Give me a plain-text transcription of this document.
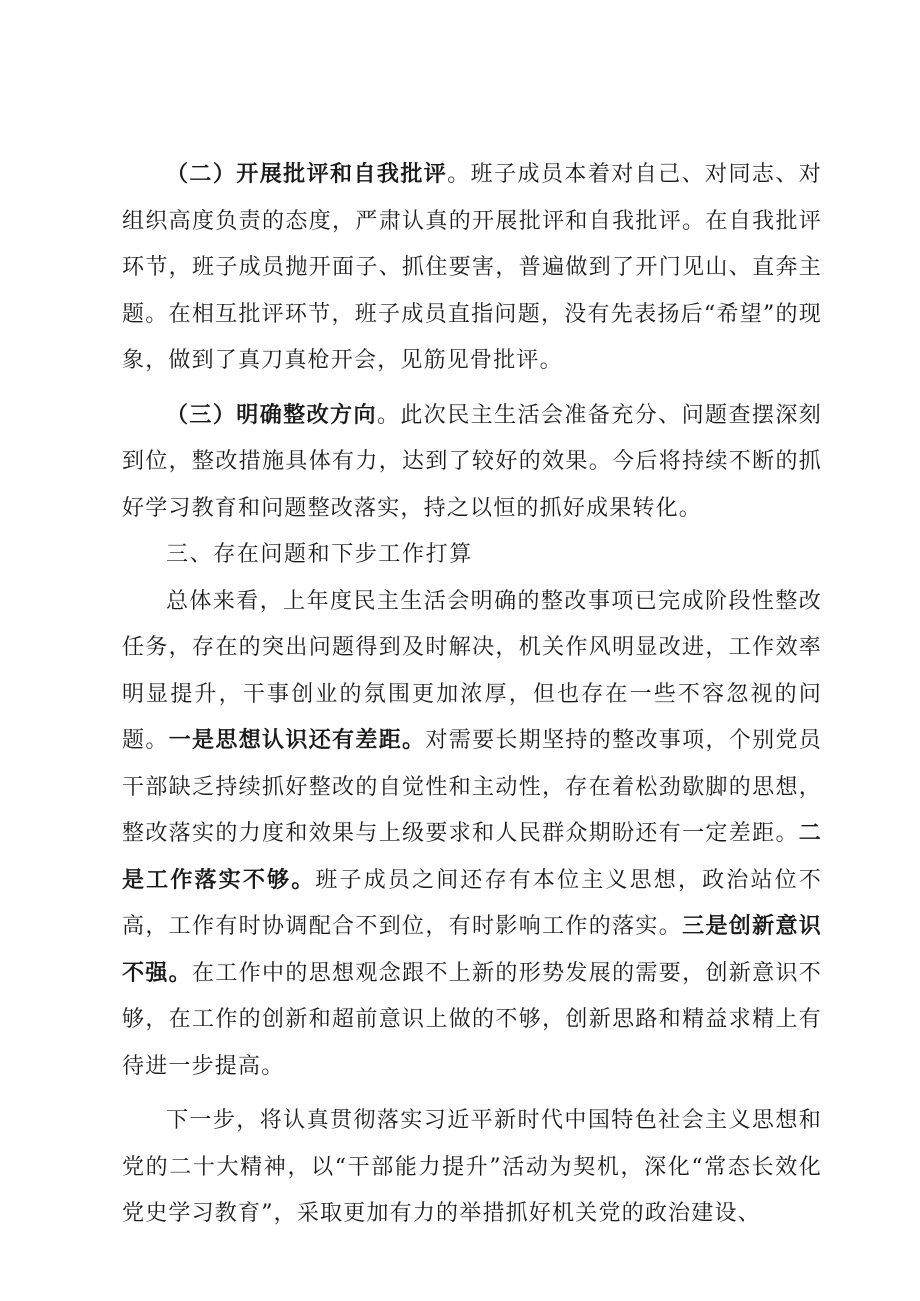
（二）开展批评和自我批评。班子成员本着对自己、对同志、对组织高度负责的态度，严肃认真的开展批评和自我批评。在自我批评环节，班子成员抛开面子、抓住要害，普遍做到了开门见山、直奔主题。在相互批评环节，班子成员直指问题，没有先表扬后“希望”的现象，做到了真刀真枪开会，见筋见骨批评。

（三）明确整改方向。此次民主生活会准备充分、问题查摆深刻到位，整改措施具体有力，达到了较好的效果。今后将持续不断的抓好学习教育和问题整改落实，持之以恒的抓好成果转化。

三、存在问题和下步工作打算

总体来看，上年度民主生活会明确的整改事项已完成阶段性整改任务，存在的突出问题得到及时解决，机关作风明显改进，工作效率明显提升，干事创业的氛围更加浓厚，但也存在一些不容忽视的问题。一是思想认识还有差距。对需要长期坚持的整改事项，个别党员干部缺乏持续抓好整改的自觉性和主动性，存在着松劲歇脚的思想，整改落实的力度和效果与上级要求和人民群众期盼还有一定差距。二是工作落实不够。班子成员之间还存有本位主义思想，政治站位不高，工作有时协调配合不到位，有时影响工作的落实。三是创新意识不强。在工作中的思想观念跟不上新的形势发展的需要，创新意识不够，在工作的创新和超前意识上做的不够，创新思路和精益求精上有待进一步提高。

下一步，将认真贯彻落实习近平新时代中国特色社会主义思想和党的二十大精神，以“干部能力提升”活动为契机，深化“常态长效化党史学习教育”，采取更加有力的举措抓好机关党的政治建设、
